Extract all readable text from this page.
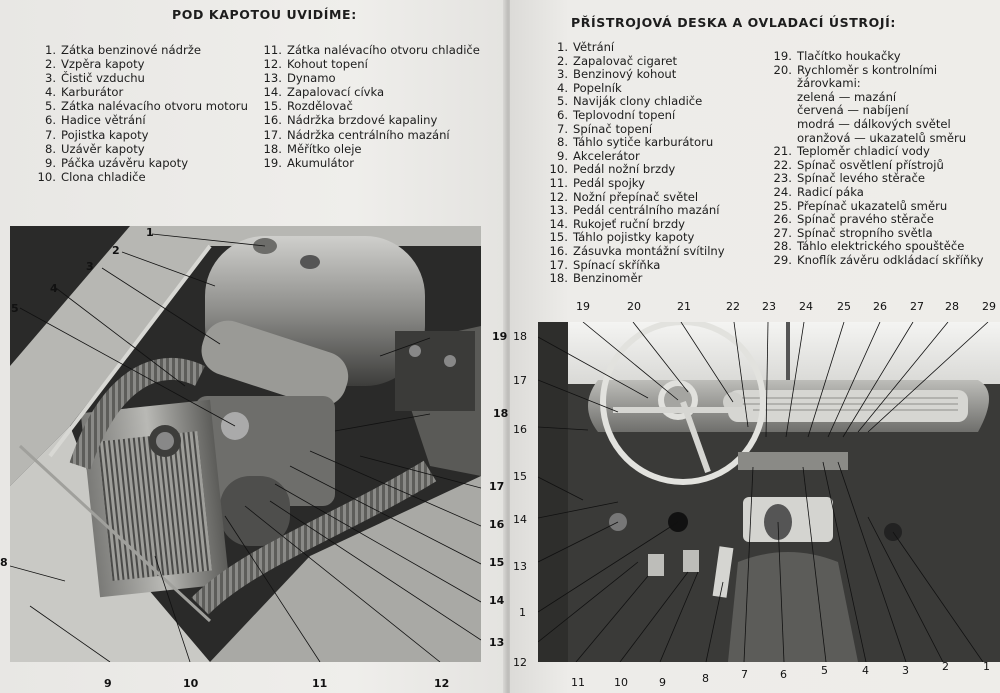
POD KAPOTOU UVIDÍME:
1. Zátka benzinové nádrže
2. Vzpěra kapoty
3. Čistič vzduchu
4. Karburátor
5. Zátka nalévacího otvoru motoru
6. Hadice větrání
7. Pojistka kapoty
8. Uzávěr kapoty
9. Páčka uzávěru kapoty
10. Clona chladiče
11. Zátka nalévacího otvoru chladiče
12. Kohout topení
13. Dynamo
14. Zapalovací cívka
15. Rozdělovač
16. Nádržka brzdové kapaliny
17. Nádržka centrálního mazání
18. Měřítko oleje
19. Akumulátor
PŘÍSTROJOVÁ DESKA A OVLADACÍ ÚSTROJÍ:
1. Větrání
2. Zapalovač cigaret
3. Benzinový kohout
4. Popelník
5. Naviják clony chladiče
6. Teplovodní topení
7. Spínač topení
8. Táhlo sytiče karburátoru
9. Akcelerátor
10. Pedál nožní brzdy
11. Pedál spojky
12. Nožní přepínač světel
13. Pedál centrálního mazání
14. Rukojeť ruční brzdy
15. Táhlo pojistky kapoty
16. Zásuvka montážní svítilny
17. Spínací skříňka
18. Benzinoměr
19. Tlačítko houkačky
20. Rychloměr s kontrolními žárovkami:
zelená — mazání
červená — nabíjení
modrá — dálkových světel
oranžová — ukazatelů směru
21. Teploměr chladicí vody
22. Spínač osvětlení přístrojů
23. Spínač levého stěrače
24. Radicí páka
25. Přepínač ukazatelů směru
26. Spínač pravého stěrače
27. Spínač stropního světla
28. Táhlo elektrického spouštěče
29. Knoflík závěru odkládací skříňky
1
2
3
4
5
19
18
17
16
15
14
13
12
11
10
9
8
19	20	21	22 23 24 25 26 27 28 29
18
17
16
15
14
13
1
12
11	10	9	8	7	6	5	4	3	2	1
